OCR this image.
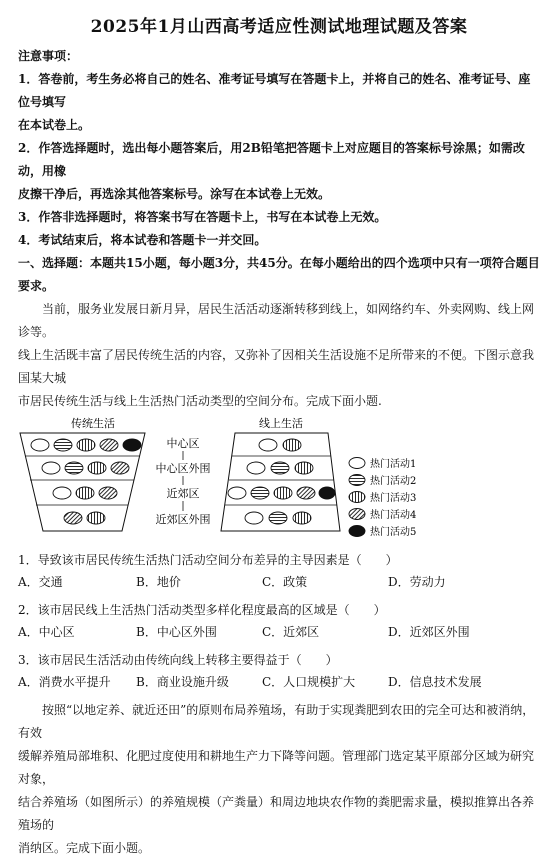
2025年1月山西高考适应性测试地理试题及答案
注意事项：
1．答卷前，考生务必将自己的姓名、准考证号填写在答题卡上，并将自己的姓名、准考证号、座位号填写
在本试卷上。
2．作答选择题时，选出每小题答案后，用2B铅笔把答题卡上对应题目的答案标号涂黑；如需改动，用橡
皮擦干净后，再选涂其他答案标号。涂写在本试卷上无效。
3．作答非选择题时，将答案书写在答题卡上，书写在本试卷上无效。
4．考试结束后，将本试卷和答题卡一并交回。
一、选择题：本题共15小题，每小题3分，共45分。在每小题给出的四个选项中只有一项符合题目要求。
当前，服务业发展日新月异，居民生活活动逐渐转移到线上，如网络约车、外卖网购、线上网诊等。
线上生活既丰富了居民传统生活的内容，又弥补了因相关生活设施不足所带来的不便。下图示意我国某大城
市居民传统生活与线上生活热门活动类型的空间分布。完成下面小题.
传统生活
中心区
中心区外围
近郊区
近郊区外围
线上生活
热门活动1
热门活动2
热门活动3
热门活动4
热门活动5
1．导致该市居民传统生活热门活动空间分布差异的主导因素是（　　）
A．交通	B．地价	C．政策	D．劳动力
2．该市居民线上生活热门活动类型多样化程度最高的区域是（　　）
A．中心区	B．中心区外围	C．近郊区	D．近郊区外围
3．该市居民生活活动由传统向线上转移主要得益于（　　）
A．消费水平提升	B．商业设施升级	C．人口规模扩大	D．信息技术发展
按照“以地定养、就近还田”的原则布局养殖场，有助于实现粪肥到农田的完全可达和被消纳，有效
缓解养殖局部堆积、化肥过度使用和耕地生产力下降等问题。管理部门选定某平原部分区域为研究对象，
结合养殖场（如图所示）的养殖规模（产粪量）和周边地块农作物的粪肥需求量，模拟推算出各养殖场的
消纳区。完成下面小题。
